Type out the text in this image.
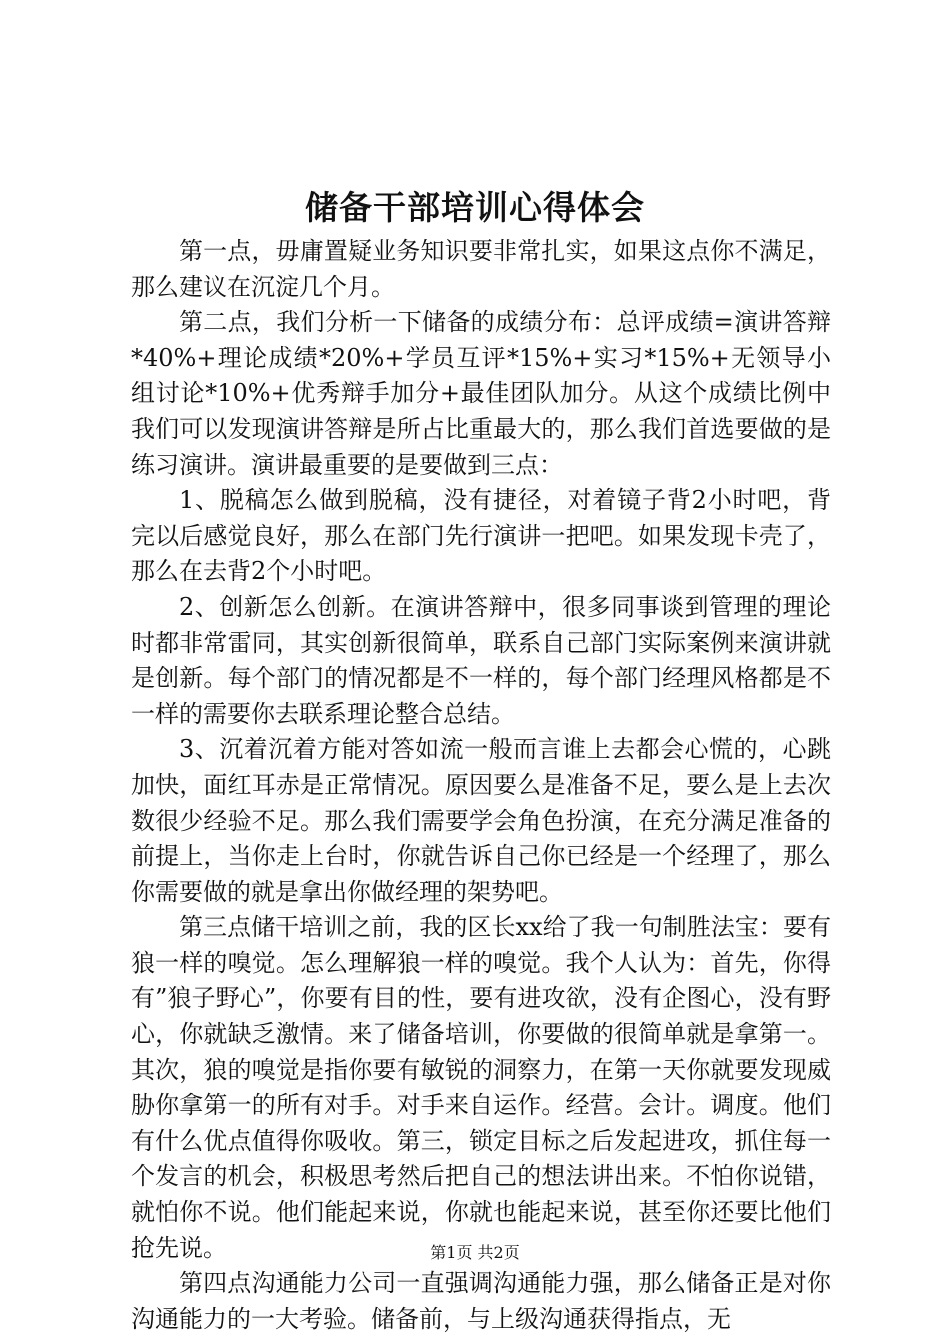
储备干部培训心得体会

第一点，毋庸置疑业务知识要非常扎实，如果这点你不满足，那么建议在沉淀几个月。

第二点，我们分析一下储备的成绩分布：总评成绩=演讲答辩*40%+理论成绩*20%+学员互评*15%+实习*15%+无领导小组讨论*10%+优秀辩手加分+最佳团队加分。从这个成绩比例中我们可以发现演讲答辩是所占比重最大的，那么我们首选要做的是练习演讲。演讲最重要的是要做到三点：

1、脱稿怎么做到脱稿，没有捷径，对着镜子背2小时吧，背完以后感觉良好，那么在部门先行演讲一把吧。如果发现卡壳了，那么在去背2个小时吧。

2、创新怎么创新。在演讲答辩中，很多同事谈到管理的理论时都非常雷同，其实创新很简单，联系自己部门实际案例来演讲就是创新。每个部门的情况都是不一样的，每个部门经理风格都是不一样的需要你去联系理论整合总结。

3、沉着沉着方能对答如流一般而言谁上去都会心慌的，心跳加快，面红耳赤是正常情况。原因要么是准备不足，要么是上去次数很少经验不足。那么我们需要学会角色扮演，在充分满足准备的前提上，当你走上台时，你就告诉自己你已经是一个经理了，那么你需要做的就是拿出你做经理的架势吧。

第三点储干培训之前，我的区长xx给了我一句制胜法宝：要有狼一样的嗅觉。怎么理解狼一样的嗅觉。我个人认为：首先，你得有”狼子野心”，你要有目的性，要有进攻欲，没有企图心，没有野心，你就缺乏激情。来了储备培训，你要做的很简单就是拿第一。其次，狼的嗅觉是指你要有敏锐的洞察力，在第一天你就要发现威胁你拿第一的所有对手。对手来自运作。经营。会计。调度。他们有什么优点值得你吸收。第三，锁定目标之后发起进攻，抓住每一个发言的机会，积极思考然后把自己的想法讲出来。不怕你说错，就怕你不说。他们能起来说，你就也能起来说，甚至你还要比他们抢先说。

第四点沟通能力公司一直强调沟通能力强，那么储备正是对你沟通能力的一大考验。储备前，与上级沟通获得指点，无

第1页 共2页
